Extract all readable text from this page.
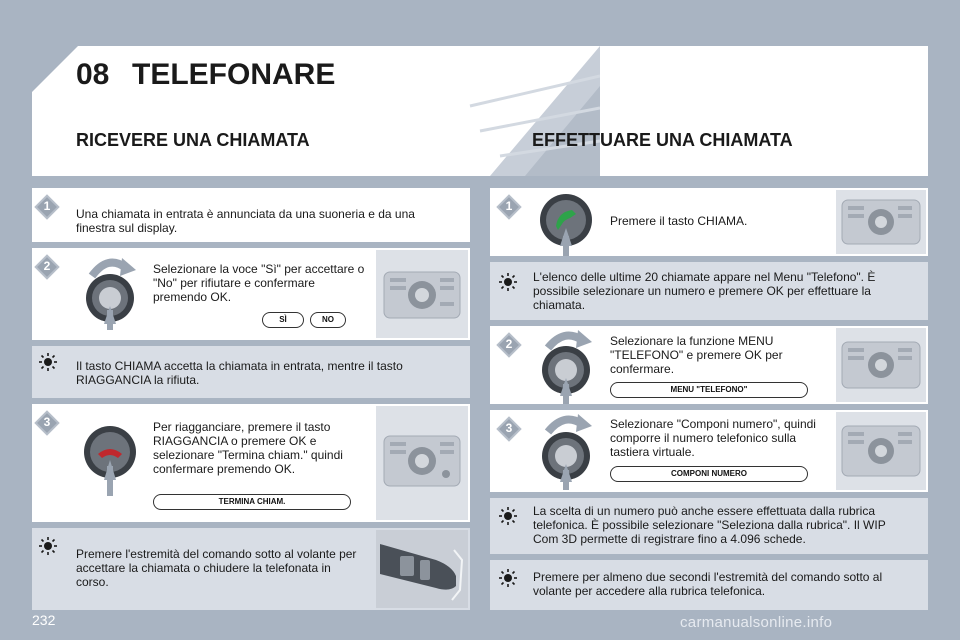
08 TELEFONARE
RICEVERE UNA CHIAMATA	EFFETTUARE UNA CHIAMATA
1
Una chiamata in entrata è annunciata da una suoneria e da una finestra sul display.
2	Selezionare la voce "Sì" per accettare o "No" per rifiutare e confermare premendo OK.
SÌ	NO
Il tasto CHIAMA accetta la chiamata in entrata, mentre il tasto RIAGGANCIA la rifiuta.
3	Per riagganciare, premere il tasto RIAGGANCIA o premere OK e selezionare "Termina chiam." quindi confermare premendo OK.
TERMINA CHIAM.
Premere l'estremità del comando sotto al volante per accettare la chiamata o chiudere la telefonata in corso.
1
Premere il tasto CHIAMA.
L'elenco delle ultime 20 chiamate appare nel Menu "Telefono". È possibile selezionare un numero e premere OK per effettuare la chiamata.
2	Selezionare la funzione MENU "TELEFONO" e premere OK per confermare.
MENU "TELEFONO"
3	Selezionare "Componi numero", quindi comporre il numero telefonico sulla tastiera virtuale.
COMPONI NUMERO
La scelta di un numero può anche essere effettuata dalla rubrica telefonica. È possibile selezionare "Seleziona dalla rubrica". Il WIP Com 3D permette di registrare fino a 4.096 schede.
Premere per almeno due secondi l'estremità del comando sotto al volante per accedere alla rubrica telefonica.
232	carmanualsonline.info
